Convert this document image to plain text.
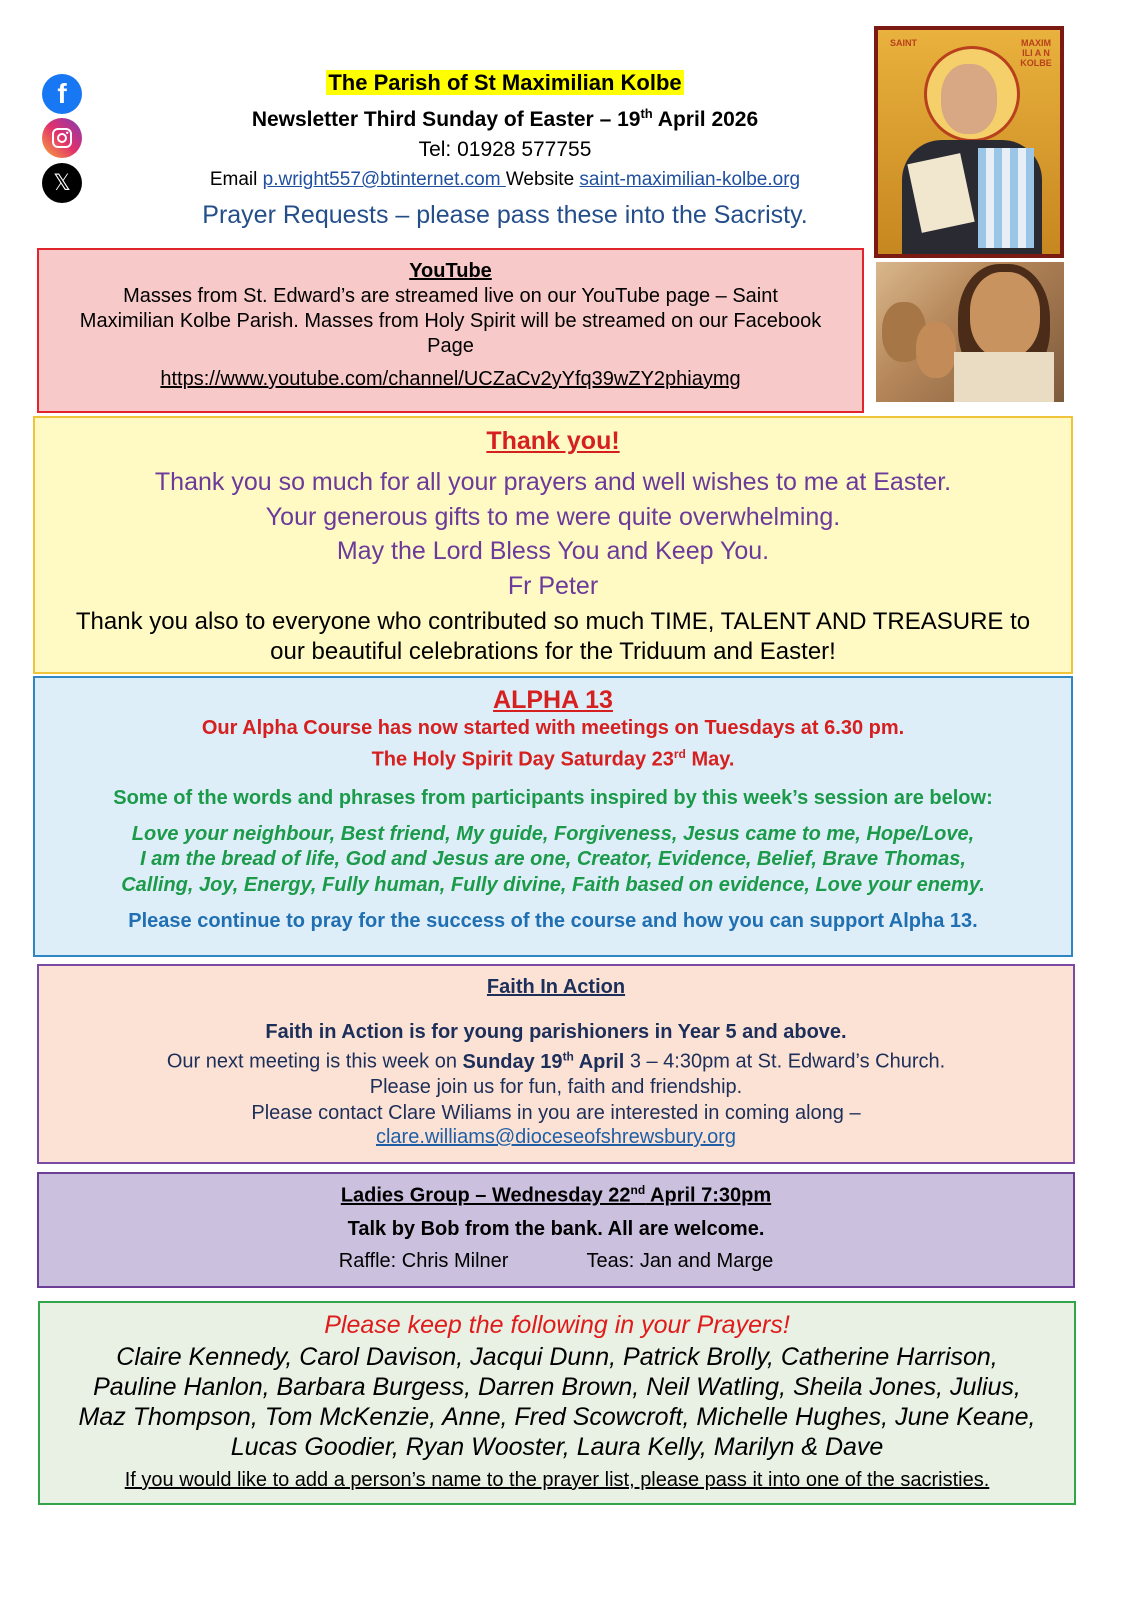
f
𝕏
The Parish of St Maximilian Kolbe
Newsletter Third Sunday of Easter – 19th April 2026
Tel: 01928 577755
Email p.wright557@btinternet.com Website saint-maximilian-kolbe.org
Prayer Requests – please pass these into the Sacristy.
SAINT	MAXIM ILI A N KOLBE
YouTube
Masses from St. Edward’s are streamed live on our YouTube page – Saint Maximilian Kolbe Parish. Masses from Holy Spirit will be streamed on our Facebook Page
https://www.youtube.com/channel/UCZaCv2yYfq39wZY2phiaymg
Thank you!
Thank you so much for all your prayers and well wishes to me at Easter.
Your generous gifts to me were quite overwhelming.
May the Lord Bless You and Keep You.
Fr Peter
Thank you also to everyone who contributed so much TIME, TALENT AND TREASURE to our beautiful celebrations for the Triduum and Easter!
ALPHA 13
Our Alpha Course has now started with meetings on Tuesdays at 6.30 pm.
The Holy Spirit Day Saturday 23rd May.
Some of the words and phrases from participants inspired by this week’s session are below:
Love your neighbour, Best friend, My guide, Forgiveness, Jesus came to me, Hope/Love,
I am the bread of life, God and Jesus are one, Creator, Evidence, Belief, Brave Thomas,
Calling, Joy, Energy, Fully human, Fully divine, Faith based on evidence, Love your enemy.
Please continue to pray for the success of the course and how you can support Alpha 13.
Faith In Action
Faith in Action is for young parishioners in Year 5 and above.
Our next meeting is this week on Sunday 19th April 3 – 4:30pm at St. Edward’s Church.
Please join us for fun, faith and friendship.
Please contact Clare Wiliams in you are interested in coming along –
clare.williams@dioceseofshrewsbury.org
Ladies Group – Wednesday 22nd April 7:30pm
Talk by Bob from the bank. All are welcome.
Raffle: Chris Milner	Teas: Jan and Marge
Please keep the following in your Prayers!
Claire Kennedy, Carol Davison, Jacqui Dunn, Patrick Brolly, Catherine Harrison,
Pauline Hanlon, Barbara Burgess, Darren Brown, Neil Watling, Sheila Jones, Julius,
Maz Thompson, Tom McKenzie, Anne, Fred Scowcroft, Michelle Hughes, June Keane,
Lucas Goodier, Ryan Wooster, Laura Kelly, Marilyn & Dave
If you would like to add a person’s name to the prayer list, please pass it into one of the sacristies.
